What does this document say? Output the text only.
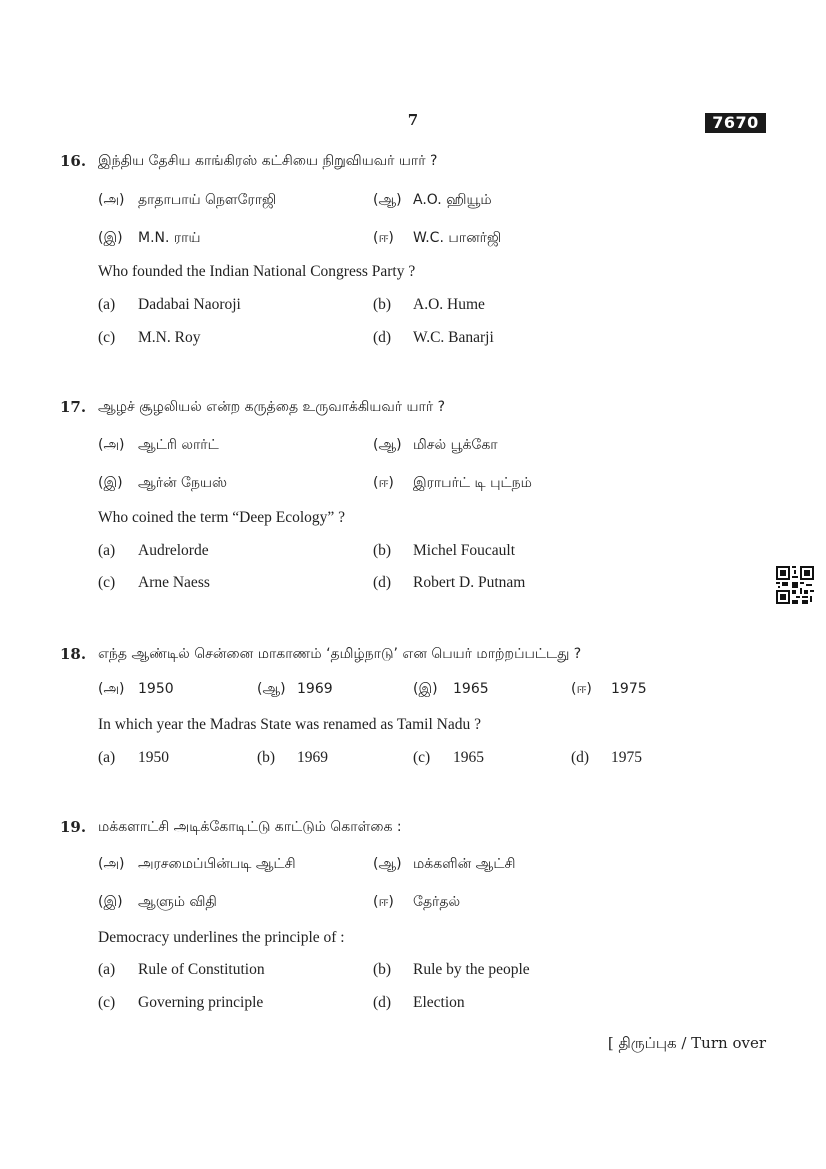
7	7670
16. இந்திய தேசிய காங்கிரஸ் கட்சியை நிறுவியவர் யார் ?
(அ) தாதாபாய் நௌரோஜி	(ஆ) A.O. ஹியூம்
(இ) M.N. ராய்	(ஈ) W.C. பானர்ஜி
Who founded the Indian National Congress Party ?
(a) Dadabai Naoroji	(b) A.O. Hume
(c) M.N. Roy	(d) W.C. Banarji
17. ஆழச் சூழலியல் என்ற கருத்தை உருவாக்கியவர் யார் ?
(அ) ஆட்ரி லார்ட்	(ஆ) மிசல் பூக்கோ
(இ) ஆர்ன் நேயஸ்	(ஈ) இராபர்ட் டி புட்நம்
Who coined the term “Deep Ecology” ?
(a) Audrelorde	(b) Michel Foucault
(c) Arne Naess	(d) Robert D. Putnam
18. எந்த ஆண்டில் சென்னை மாகாணம் ‘தமிழ்நாடு’ என பெயர் மாற்றப்பட்டது ?
(அ) 1950	(ஆ) 1969	(இ) 1965	(ஈ) 1975
In which year the Madras State was renamed as Tamil Nadu ?
(a) 1950	(b) 1969	(c) 1965	(d) 1975
19. மக்களாட்சி அடிக்கோடிட்டு காட்டும் கொள்கை :
(அ) அரசமைப்பின்படி ஆட்சி	(ஆ) மக்களின் ஆட்சி
(இ) ஆளும் விதி	(ஈ) தேர்தல்
Democracy underlines the principle of :
(a) Rule of Constitution	(b) Rule by the people
(c) Governing principle	(d) Election
[ திருப்புக / Turn over
